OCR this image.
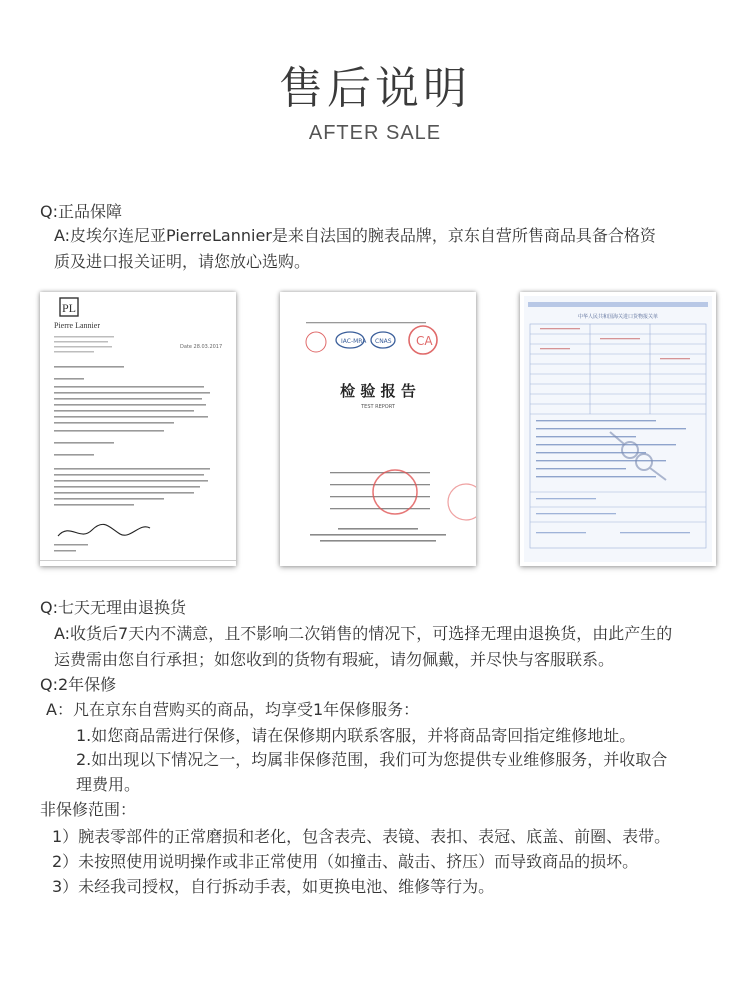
售后说明
AFTER SALE
Q:正品保障
A:皮埃尔连尼亚PierreLannier是来自法国的腕表品牌，京东自营所售商品具备合格资
质及进口报关证明，请您放心选购。
PL
Pierre Lannier
Date 28.03.2017
IAC-MRA CNAS CA
检 验 报 告
TEST REPORT
中华人民共和国海关进口货物报关单
Q:七天无理由退换货
A:收货后7天内不满意，且不影响二次销售的情况下，可选择无理由退换货，由此产生的
运费需由您自行承担；如您收到的货物有瑕疵，请勿佩戴，并尽快与客服联系。
Q:2年保修
A：凡在京东自营购买的商品，均享受1年保修服务：
1.如您商品需进行保修，请在保修期内联系客服，并将商品寄回指定维修地址。
2.如出现以下情况之一，均属非保修范围，我们可为您提供专业维修服务，并收取合
理费用。
非保修范围：
1）腕表零部件的正常磨损和老化，包含表壳、表镜、表扣、表冠、底盖、前圈、表带。
2）未按照使用说明操作或非正常使用（如撞击、敲击、挤压）而导致商品的损坏。
3）未经我司授权，自行拆动手表，如更换电池、维修等行为。
